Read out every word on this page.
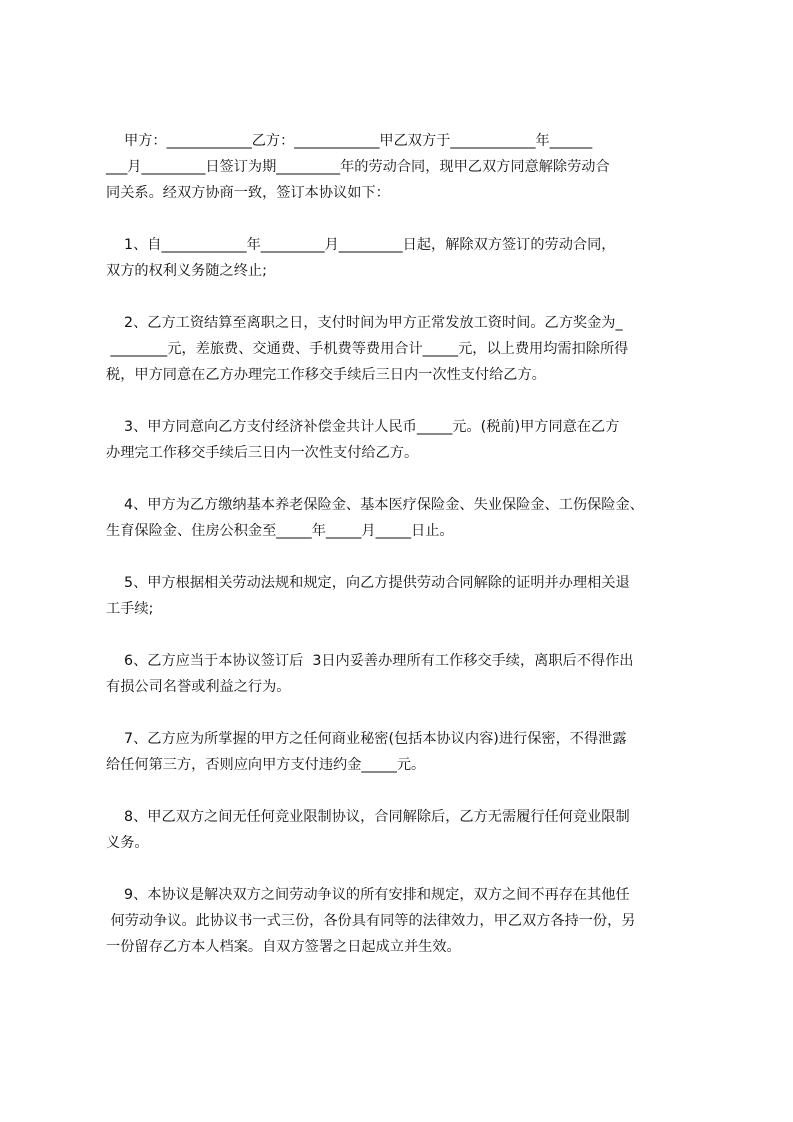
甲方：____________乙方：____________甲乙双方于____________年______
___月_________日签订为期_________年的劳动合同，现甲乙双方同意解除劳动合
同关系。经双方协商一致，签订本协议如下：
1、自____________年_________月_________日起，解除双方签订的劳动合同，
双方的权利义务随之终止;
2、乙方工资结算至离职之日，支付时间为甲方正常发放工资时间。乙方奖金为_
________元，差旅费、交通费、手机费等费用合计_____元，以上费用均需扣除所得
税，甲方同意在乙方办理完工作移交手续后三日内一次性支付给乙方。
3、甲方同意向乙方支付经济补偿金共计人民币_____元。(税前)甲方同意在乙方
办理完工作移交手续后三日内一次性支付给乙方。
4、甲方为乙方缴纳基本养老保险金、基本医疗保险金、失业保险金、工伤保险金、
生育保险金、住房公积金至_____年_____月_____日止。
5、甲方根据相关劳动法规和规定，向乙方提供劳动合同解除的证明并办理相关退
工手续;
6、乙方应当于本协议签订后  3日内妥善办理所有工作移交手续，离职后不得作出
有损公司名誉或利益之行为。
7、乙方应为所掌握的甲方之任何商业秘密(包括本协议内容)进行保密，不得泄露
给任何第三方，否则应向甲方支付违约金_____元。
8、甲乙双方之间无任何竞业限制协议，合同解除后，乙方无需履行任何竞业限制
义务。
9、本协议是解决双方之间劳动争议的所有安排和规定，双方之间不再存在其他任
何劳动争议。此协议书一式三份，各份具有同等的法律效力，甲乙双方各持一份，另
一份留存乙方本人档案。自双方签署之日起成立并生效。
